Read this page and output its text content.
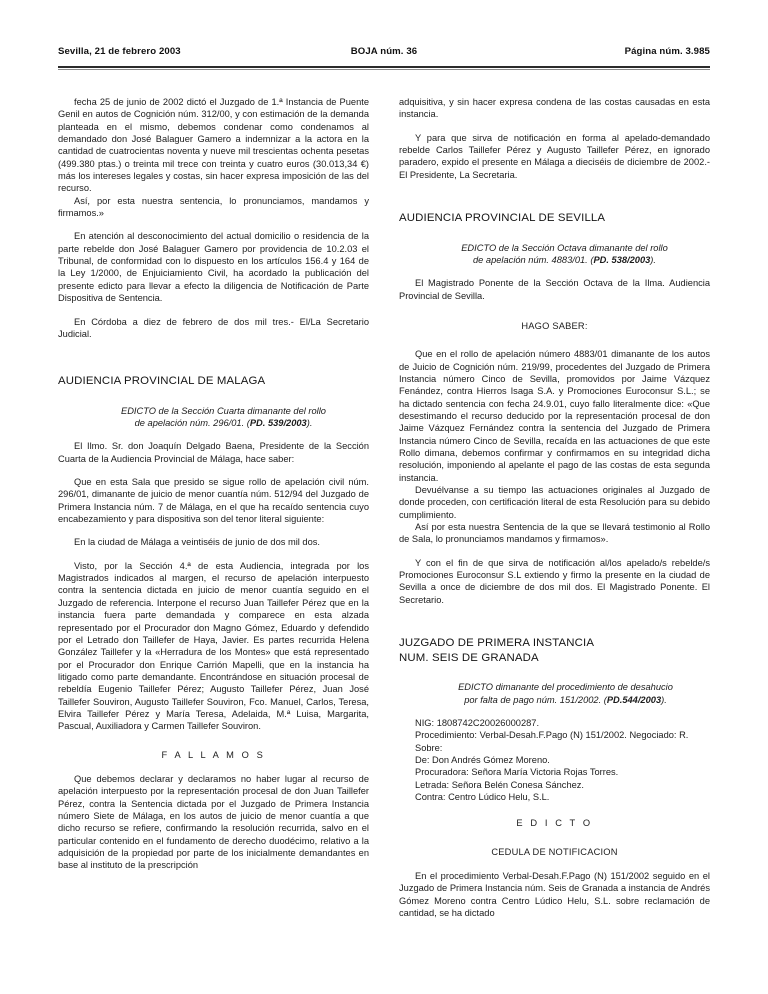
Sevilla, 21 de febrero 2003	BOJA núm. 36	Página núm. 3.985

fecha 25 de junio de 2002 dictó el Juzgado de 1.ª Instancia de Puente Genil en autos de Cognición núm. 312/00, y con estimación de la demanda planteada en el mismo, debemos condenar como condenamos al demandado don José Balaguer Gamero a indemnizar a la actora en la cantidad de cuatrocientas noventa y nueve mil trescientas ochenta pesetas (499.380 ptas.) o treinta mil trece con treinta y cuatro euros (30.013,34 €) más los intereses legales y costas, sin hacer expresa imposición de las del recurso.

Así, por esta nuestra sentencia, lo pronunciamos, mandamos y firmamos.»

En atención al desconocimiento del actual domicilio o residencia de la parte rebelde don José Balaguer Gamero por providencia de 10.2.03 el Tribunal, de conformidad con lo dispuesto en los artículos 156.4 y 164 de la Ley 1/2000, de Enjuiciamiento Civil, ha acordado la publicación del presente edicto para llevar a efecto la diligencia de Notificación de Parte Dispositiva de Sentencia.

En Córdoba a diez de febrero de dos mil tres.- El/La Secretario Judicial.

AUDIENCIA PROVINCIAL DE MALAGA

EDICTO de la Sección Cuarta dimanante del rollo
de apelación núm. 296/01. (PD. 539/2003).

El Ilmo. Sr. don Joaquín Delgado Baena, Presidente de la Sección Cuarta de la Audiencia Provincial de Málaga, hace saber:

Que en esta Sala que presido se sigue rollo de apelación civil núm. 296/01, dimanante de juicio de menor cuantía núm. 512/94 del Juzgado de Primera Instancia núm. 7 de Málaga, en el que ha recaído sentencia cuyo encabezamiento y para dispositiva son del tenor literal siguiente:

En la ciudad de Málaga a veintiséis de junio de dos mil dos.

Visto, por la Sección 4.ª de esta Audiencia, integrada por los Magistrados indicados al margen, el recurso de apelación interpuesto contra la sentencia dictada en juicio de menor cuantía seguido en el Juzgado de referencia. Interpone el recurso Juan Taillefer Pérez que en la instancia fuera parte demandada y comparece en esta alzada representado por el Procurador don Magno Gómez, Eduardo y defendido por el Letrado don Taillefer de Haya, Javier. Es partes recurrida Helena González Taillefer y la «Herradura de los Montes» que está representado por el Procurador don Enrique Carrión Mapelli, que en la instancia ha litigado como parte demandante. Encontrándose en situación procesal de rebeldía Eugenio Taillefer Pérez; Augusto Taillefer Pérez, Juan José Taillefer Souviron, Augusto Taillefer Souviron, Fco. Manuel, Carlos, Teresa, Elvira Taillefer Pérez y María Teresa, Adelaida, M.ª Luisa, Margarita, Pascual, Auxiliadora y Carmen Taillefer Souviron.

F A L L A M O S

Que debemos declarar y declaramos no haber lugar al recurso de apelación interpuesto por la representación procesal de don Juan Taillefer Pérez, contra la Sentencia dictada por el Juzgado de Primera Instancia número Siete de Málaga, en los autos de juicio de menor cuantía a que dicho recurso se refiere, confirmando la resolución recurrida, salvo en el particular contenido en el fundamento de derecho duodécimo, relativo a la adquisición de la propiedad por parte de los inicialmente demandantes en base al instituto de la prescripción

adquisitiva, y sin hacer expresa condena de las costas causadas en esta instancia.

Y para que sirva de notificación en forma al apelado-demandado rebelde Carlos Taillefer Pérez y Augusto Taillefer Pérez, en ignorado paradero, expido el presente en Málaga a dieciséis de diciembre de 2002.- El Presidente, La Secretaria.

AUDIENCIA PROVINCIAL DE SEVILLA

EDICTO de la Sección Octava dimanante del rollo
de apelación núm. 4883/01. (PD. 538/2003).

El Magistrado Ponente de la Sección Octava de la Ilma. Audiencia Provincial de Sevilla.

HAGO SABER:

Que en el rollo de apelación número 4883/01 dimanante de los autos de Juicio de Cognición núm. 219/99, procedentes del Juzgado de Primera Instancia número Cinco de Sevilla, promovidos por Jaime Vázquez Fenández, contra Hierros Isaga S.A. y Promociones Euroconsur S.L.; se ha dictado sentencia con fecha 24.9.01, cuyo fallo literalmente dice: «Que desestimando el recurso deducido por la representación procesal de don Jaime Vázquez Fernández contra la sentencia del Juzgado de Primera Instancia número Cinco de Sevilla, recaída en las actuaciones de que este Rollo dimana, debemos confirmar y confirmamos en su integridad dicha resolución, imponiendo al apelante el pago de las costas de esta segunda instancia.

Devuélvanse a su tiempo las actuaciones originales al Juzgado de donde proceden, con certificación literal de esta Resolución para su debido cumplimiento.

Así por esta nuestra Sentencia de la que se llevará testimonio al Rollo de Sala, lo pronunciamos mandamos y firmamos».

Y con el fin de que sirva de notificación al/los apelado/s rebelde/s Promociones Euroconsur S.L extiendo y firmo la presente en la ciudad de Sevilla a once de diciembre de dos mil dos. El Magistrado Ponente. El Secretario.

JUZGADO DE PRIMERA INSTANCIA
NUM. SEIS DE GRANADA

EDICTO dimanante del procedimiento de desahucio
por falta de pago núm. 151/2002. (PD.544/2003).

NIG: 1808742C20026000287.

Procedimiento: Verbal-Desah.F.Pago (N) 151/2002. Negociado: R.

Sobre:

De: Don Andrés Gómez Moreno.

Procuradora: Señora María Victoria Rojas Torres.

Letrada: Señora Belén Conesa Sánchez.

Contra: Centro Lúdico Helu, S.L.

E D I C T O

CEDULA DE NOTIFICACION

En el procedimiento Verbal-Desah.F.Pago (N) 151/2002 seguido en el Juzgado de Primera Instancia núm. Seis de Granada a instancia de Andrés Gómez Moreno contra Centro Lúdico Helu, S.L. sobre reclamación de cantidad, se ha dictado
